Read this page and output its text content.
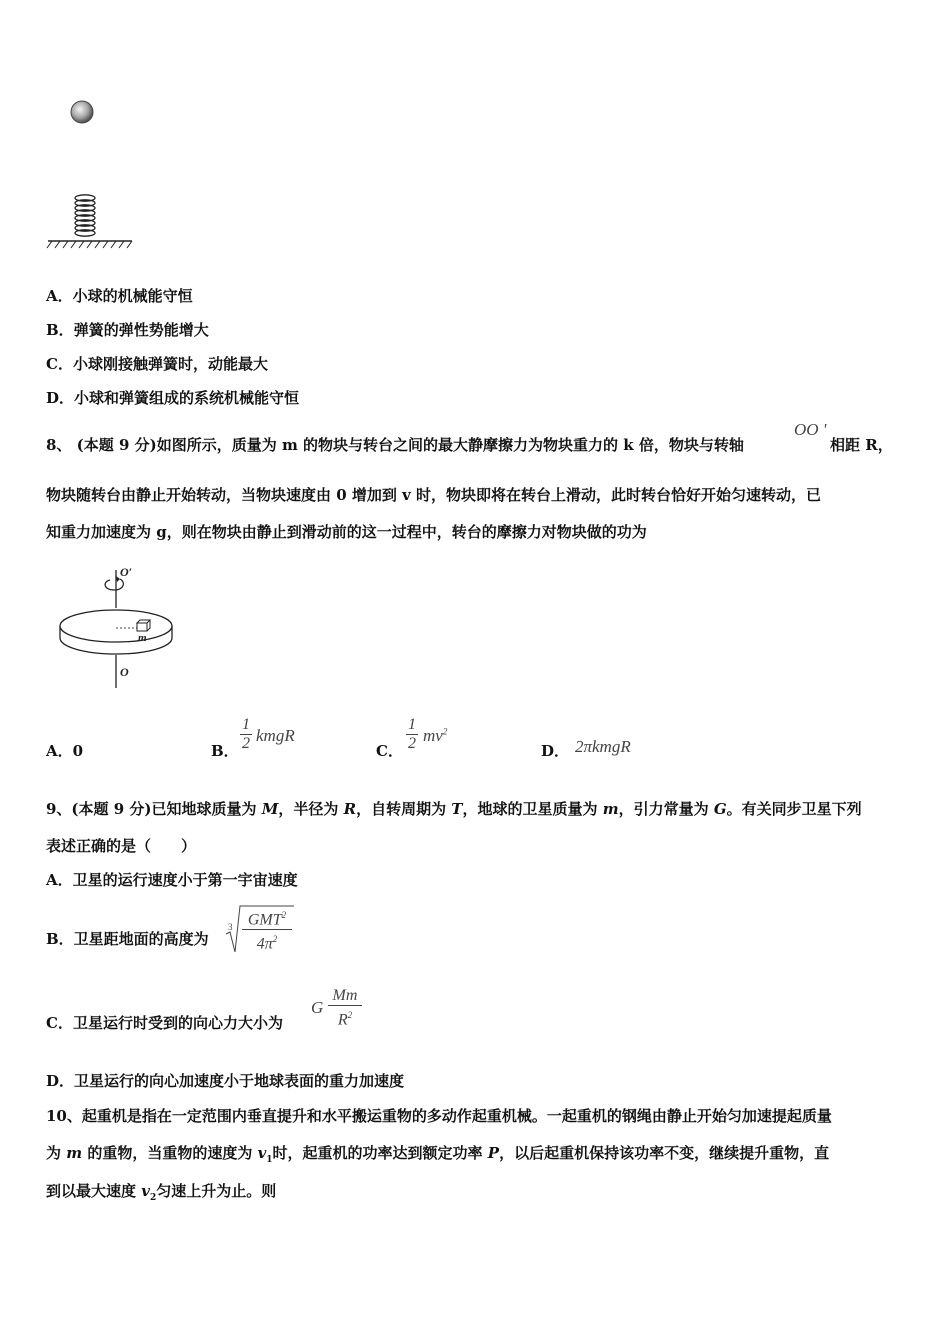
A．小球的机械能守恒
B．弹簧的弹性势能增大
C．小球刚接触弹簧时，动能最大
D．小球和弹簧组成的系统机械能守恒
8、 (本题 9 分)如图所示，质量为 m 的物块与转台之间的最大静摩擦力为物块重力的 k 倍，物块与转轴
OO '
相距 R，
物块随转台由静止开始转动，当物块速度由 0 增加到 v 时，物块即将在转台上滑动，此时转台恰好开始匀速转动，已
知重力加速度为 g，则在物块由静止到滑动前的这一过程中，转台的摩擦力对物块做的功为
O′
m
O
A．0	B．
1
2 kmgR
C．
1
2 $mv^2$
D． 2πkmgR
9、(本题 9 分)已知地球质量为 M，半径为 R，自转周期为 T，地球的卫星质量为 m，引力常量为 G。有关同步卫星下列
表述正确的是（　　）
A．卫星的运行速度小于第一宇宙速度
B．卫星距地面的高度为
3 GMT$^2$
$4\pi^2$
C．卫星运行时受到的向心力大小为
G
Mm
$R^2$
D．卫星运行的向心加速度小于地球表面的重力加速度
10、起重机是指在一定范围内垂直提升和水平搬运重物的多动作起重机械。一起重机的钢绳由静止开始匀加速提起质量
为 m 的重物，当重物的速度为 $v_1$时，起重机的功率达到额定功率 P，以后起重机保持该功率不变，继续提升重物，直
到以最大速度 $v_2$匀速上升为止。则
